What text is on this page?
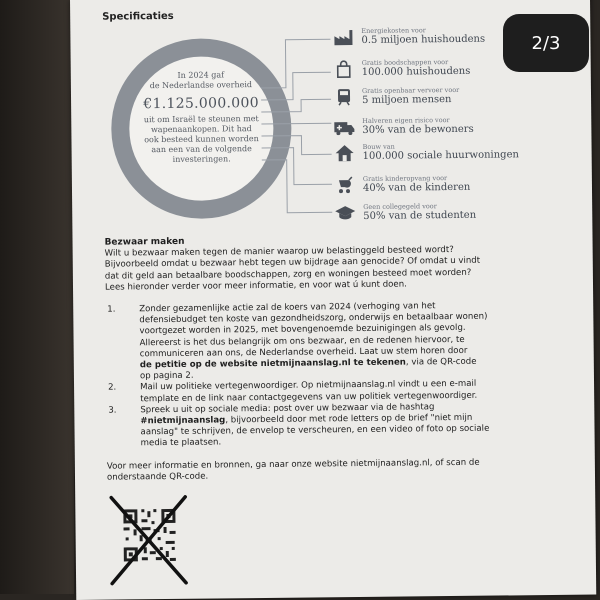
Specificaties
In 2024 gaf
de Nederlandse overheid
€1.125.000.000
uit om Israël te steunen met
wapenaankopen. Dit had
ook besteed kunnen worden
aan een van de volgende
investeringen.
Energiekosten voor
0.5 miljoen huishoudens
Gratis boodschappen voor
100.000 huishoudens
Gratis openbaar vervoer voor
5 miljoen mensen
Halveren eigen risico voor
30% van de bewoners
Bouw van
100.000 sociale huurwoningen
Gratis kinderopvang voor
40% van de kinderen
Geen collegegeld voor
50% van de studenten
Bezwaar maken
Wilt u bezwaar maken tegen de manier waarop uw belastinggeld besteed wordt?
Bijvoorbeeld omdat u bezwaar hebt tegen uw bijdrage aan genocide? Of omdat u vindt
dat dit geld aan betaalbare boodschappen, zorg en woningen besteed moet worden?
Lees hieronder verder voor meer informatie, en voor wat ú kunt doen.
1.	Zonder gezamenlijke actie zal de koers van 2024 (verhoging van het
defensiebudget ten koste van gezondheidszorg, onderwijs en betaalbaar wonen)
voortgezet worden in 2025, met bovengenoemde bezuinigingen als gevolg.
Allereerst is het dus belangrijk om ons bezwaar, en de redenen hiervoor, te
communiceren aan ons, de Nederlandse overheid. Laat uw stem horen door
de petitie op de website nietmijnaanslag.nl te tekenen, via de QR-code
op pagina 2.
2.	Mail uw politieke vertegenwoordiger. Op nietmijnaanslag.nl vindt u een e-mail
template en de link naar contactgegevens van uw politiek vertegenwoordiger.
3.	Spreek u uit op sociale media: post over uw bezwaar via de hashtag
#nietmijnaanslag, bijvoorbeeld door met rode letters op de brief "niet mijn
aanslag" te schrijven, de envelop te verscheuren, en een video of foto op sociale
media te plaatsen.
Voor meer informatie en bronnen, ga naar onze website nietmijnaanslag.nl, of scan de
onderstaande QR-code.
2/3
